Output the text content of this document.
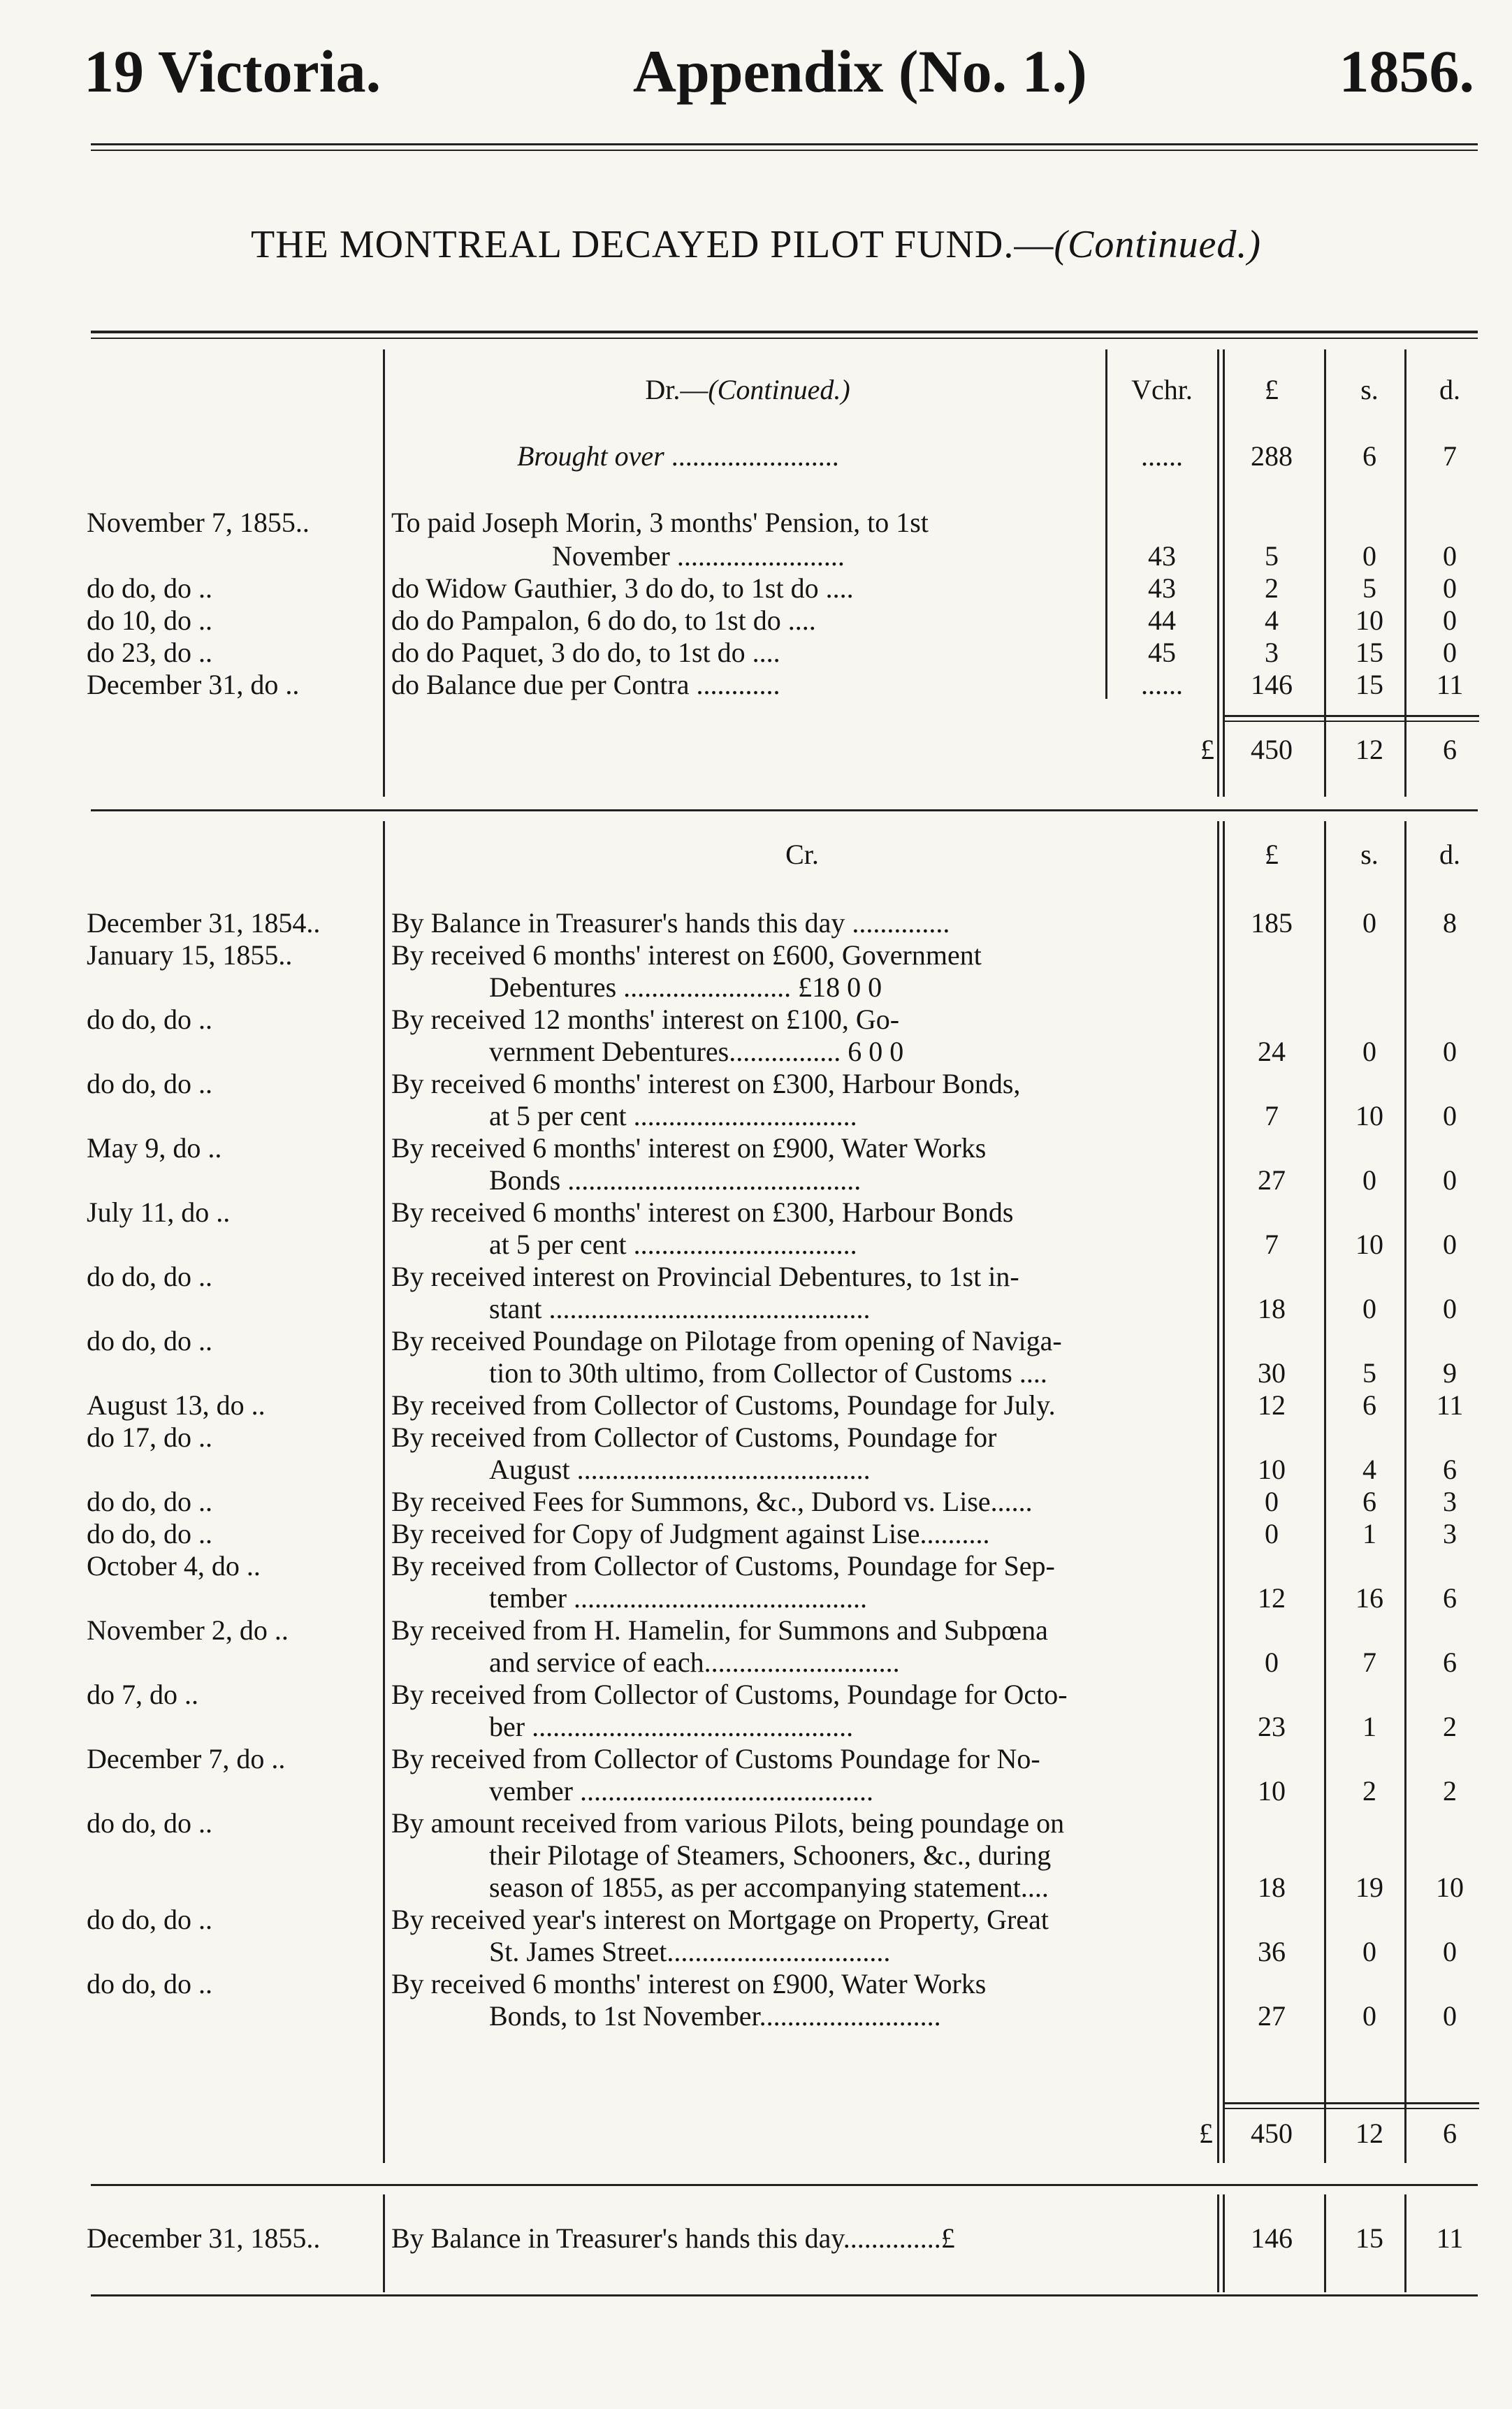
19 Victoria.	Appendix (No. 1.)	1856.
THE MONTREAL DECAYED PILOT FUND.—(Continued.)
Dr.—(Continued.)	Vchr.	£	s.	d.
Brought over ........................	......	288	6	7
November 7, 1855..	To paid Joseph Morin, 3 months' Pension, to 1st
November ........................	43	5	0	0
do do, do ..	do Widow Gauthier, 3 do do, to 1st do ....	43	2	5	0
do 10, do ..	do do Pampalon, 6 do do, to 1st do ....	44	4	10	0
do 23, do ..	do do Paquet, 3 do do, to 1st do ....	45	3	15	0
December 31, do ..	do Balance due per Contra ............	......	146	15	11
£	450	12	6
Cr.	£	s.	d.
December 31, 1854..	By Balance in Treasurer's hands this day ..............	185	0	8
January 15, 1855..	By received 6 months' interest on £600, Government
Debentures ........................ £18 0 0
do do, do ..	By received 12 months' interest on £100, Go-
vernment Debentures................ 6 0 0	24	0	0
do do, do ..	By received 6 months' interest on £300, Harbour Bonds,
at 5 per cent ................................	7	10	0
May 9, do ..	By received 6 months' interest on £900, Water Works
Bonds ..........................................	27	0	0
July 11, do ..	By received 6 months' interest on £300, Harbour Bonds
at 5 per cent ................................	7	10	0
do do, do ..	By received interest on Provincial Debentures, to 1st in-
stant ..............................................	18	0	0
do do, do ..	By received Poundage on Pilotage from opening of Naviga-
tion to 30th ultimo, from Collector of Customs ....	30	5	9
August 13, do ..	By received from Collector of Customs, Poundage for July.	12	6	11
do 17, do ..	By received from Collector of Customs, Poundage for
August ..........................................	10	4	6
do do, do ..	By received Fees for Summons, &c., Dubord vs. Lise......	0	6	3
do do, do ..	By received for Copy of Judgment against Lise..........	0	1	3
October 4, do ..	By received from Collector of Customs, Poundage for Sep-
tember ..........................................	12	16	6
November 2, do ..	By received from H. Hamelin, for Summons and Subpœna
and service of each............................	0	7	6
do 7, do ..	By received from Collector of Customs, Poundage for Octo-
ber ..............................................	23	1	2
December 7, do ..	By received from Collector of Customs Poundage for No-
vember ..........................................	10	2	2
do do, do ..	By amount received from various Pilots, being poundage on
their Pilotage of Steamers, Schooners, &c., during
season of 1855, as per accompanying statement....	18	19	10
do do, do ..	By received year's interest on Mortgage on Property, Great
St. James Street................................	36	0	0
do do, do ..	By received 6 months' interest on £900, Water Works
Bonds, to 1st November..........................	27	0	0
£	450	12	6
December 31, 1855..	By Balance in Treasurer's hands this day..............£	146	15	11
